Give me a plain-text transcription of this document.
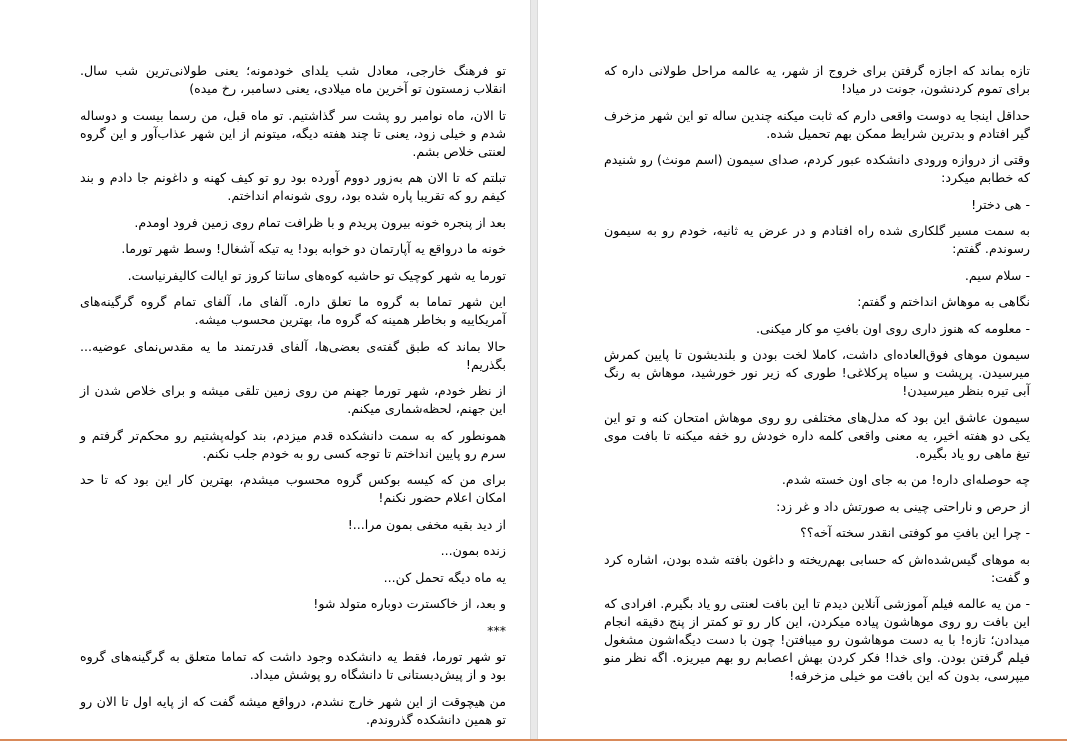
تو فرهنگ خارجی، معادل شب یلدای خودمونه؛ یعنی طولانی‌ترین شب سال. انقلاب زمستون تو آخرین ماه میلادی، یعنی دسامبر، رخ میده)

تا الان، ماه نوامبر رو پشت سر گذاشتیم. تو ماه قبل، من رسما بیست و دوساله شدم و خیلی زود، یعنی تا چند هفته دیگه، میتونم از این شهر عذاب‌آور و این گروه لعنتی خلاص بشم.

تبلتم که تا الان هم به‌زور دووم آورده بود رو تو کیف کهنه و داغونم جا دادم و بند کیفم رو که تقریبا پاره شده بود، روی شونه‌ام انداختم.

بعد از پنجره خونه بیرون پریدم و با ظرافت تمام روی زمین فرود اومدم.

خونه ما درواقع یه آپارتمان دو خوابه بود! یه تیکه آشغال! وسط شهر تورما.

تورما یه شهر کوچیک تو حاشیه کوه‌های سانتا کروز تو ایالت کالیفرنیاست.

این شهر تماما به گروه ما تعلق داره. آلفای ما، آلفای تمام گروه گرگینه‌های آمریکاییه و بخاطر همینه که گروه ما، بهترین محسوب میشه.

حالا بماند که طبق گفته‌ی بعضی‌ها، آلفای قدرتمند ما یه مقدس‌نمای عوضیه... بگذریم!

از نظر خودم، شهر تورما جهنم من روی زمین تلقی میشه و برای خلاص شدن از این جهنم، لحظه‌شماری میکنم.

همونطور که به سمت دانشکده قدم میزدم، بند کوله‌پشتیم رو محکم‌تر گرفتم و سرم رو پایین انداختم تا توجه کسی رو به خودم جلب نکنم.

برای من که کیسه بوکس گروه محسوب میشدم، بهترین کار این بود که تا حد امکان اعلام حضور نکنم!

از دید بقیه مخفی بمون مرا...!

زنده بمون...

یه ماه دیگه تحمل کن...

و بعد، از خاکسترت دوباره متولد شو!

***

تو شهر تورما، فقط یه دانشکده وجود داشت که تماما متعلق به گرگینه‌های گروه بود و از پیش‌دبستانی تا دانشگاه رو پوشش میداد.

من هیچوقت از این شهر خارج نشدم، درواقع میشه گفت که از پایه اول تا الان رو تو همین دانشکده گذروندم.

تازه بماند که اجازه گرفتن برای خروج از شهر، یه عالمه مراحل طولانی داره که برای تموم کردنشون، جونت در میاد!

حداقل اینجا یه دوست واقعی دارم که ثابت میکنه چندین ساله تو این شهر مزخرف گیر افتادم و بدترین شرایط ممکن بهم تحمیل شده.

وقتی از دروازه ورودی دانشکده عبور کردم، صدای سیمون (اسم مونث) رو شنیدم که خطابم میکرد:

- هی دختر!

به سمت مسیر گلکاری شده راه افتادم و در عرض یه ثانیه، خودم رو به سیمون رسوندم. گفتم:

- سلام سیم.

نگاهی به موهاش انداختم و گفتم:

- معلومه که هنوز داری روی اون بافتِ مو کار میکنی.

سیمون موهای فوق‌العاده‌ای داشت، کاملا لخت بودن و بلندیشون تا پایین کمرش میرسیدن. پرپشت و سیاه پرکلاغی! طوری که زیر نور خورشید، موهاش به رنگ آبی تیره بنظر میرسیدن!

سیمون عاشق این بود که مدل‌های مختلفی رو روی موهاش امتحان کنه و تو این یکی دو هفته اخیر، یه معنی واقعی کلمه داره خودش رو خفه میکنه تا بافت موی تیغ ماهی رو یاد بگیره.

چه حوصله‌ای داره! من به جای اون خسته شدم.

از حرص و ناراحتی چینی به صورتش داد و غر زد:

- چرا این بافتِ مو کوفتی انقدر سخته آخه؟؟

به موهای گیس‌شده‌اش که حسابی بهم‌ریخته و داغون بافته شده بودن، اشاره کرد و گفت:

- من یه عالمه فیلم آموزشی آنلاین دیدم تا این بافت لعنتی رو یاد بگیرم. افرادی که این بافت رو روی موهاشون پیاده میکردن، این کار رو تو کمتر از پنج دقیقه انجام میدادن؛ تازه! با یه دست موهاشون رو میبافتن! چون با دست دیگه‌اشون مشغول فیلم گرفتن بودن. وای خدا! فکر کردن بهش اعصابم رو بهم میریزه. اگه نظر منو میپرسی، بدون که این بافت مو خیلی مزخرفه!
